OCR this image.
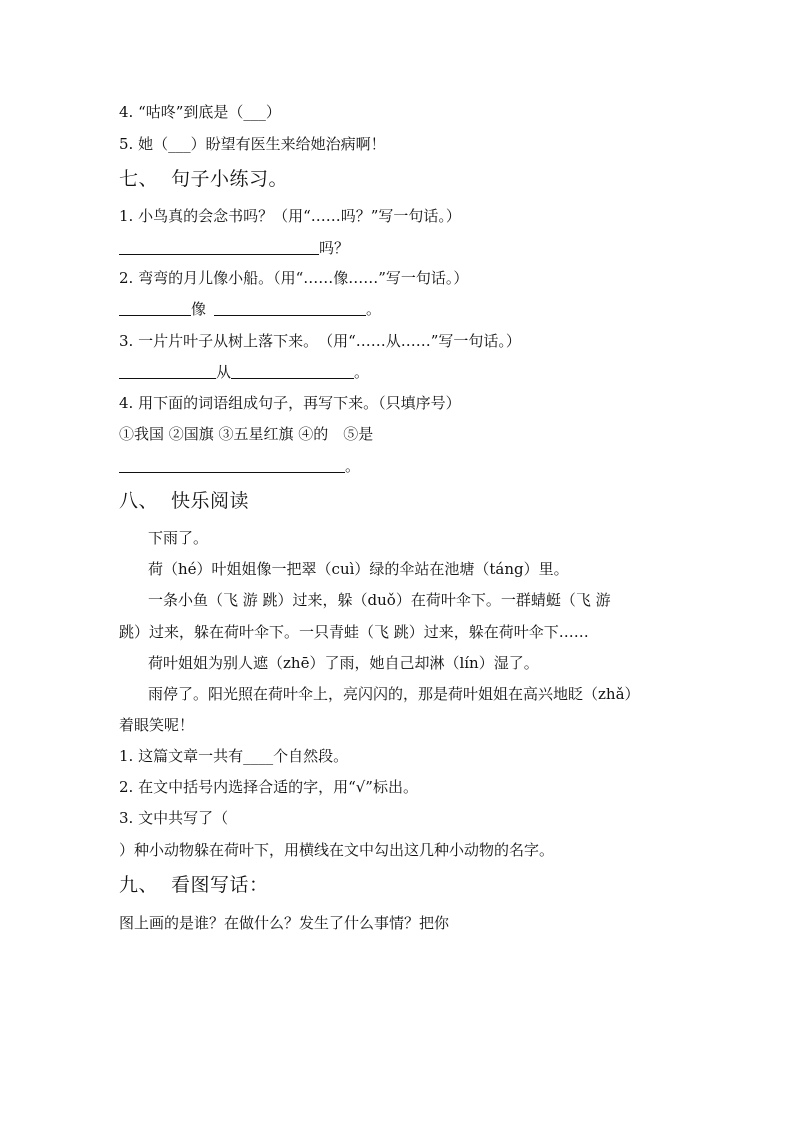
4. “咕咚”到底是（___）
5. 她（___）盼望有医生来给她治病啊！
七、 句子小练习。
1. 小鸟真的会念书吗？（用“……吗？”写一句话。）
吗？
2. 弯弯的月儿像小船。（用“……像……”写一句话。）
像	。
3. 一片片叶子从树上落下来。　（用“……从……”写一句话。）
从	。
4. 用下面的词语组成句子，再写下来。（只填序号）
①我国 ②国旗 ③五星红旗 ④的　⑤是
。
八、 快乐阅读
下雨了。
荷（hé）叶姐姐像一把翠（cuì）绿的伞站在池塘（táng）里。
一条小鱼（飞 游 跳）过来，躲（duǒ）在荷叶伞下。一群蜻蜓（飞 游
跳）过来，躲在荷叶伞下。一只青蛙（飞 跳）过来，躲在荷叶伞下……
荷叶姐姐为别人遮（zhē）了雨，她自己却淋（lín）湿了。
雨停了。阳光照在荷叶伞上，亮闪闪的，那是荷叶姐姐在高兴地眨（zhǎ）
着眼笑呢！
1. 这篇文章一共有____个自然段。
2. 在文中括号内选择合适的字，用“√”标出。
3. 文中共写了（
）种小动物躲在荷叶下，用横线在文中勾出这几种小动物的名字。
九、 看图写话：
图上画的是谁？在做什么？发生了什么事情？把你
